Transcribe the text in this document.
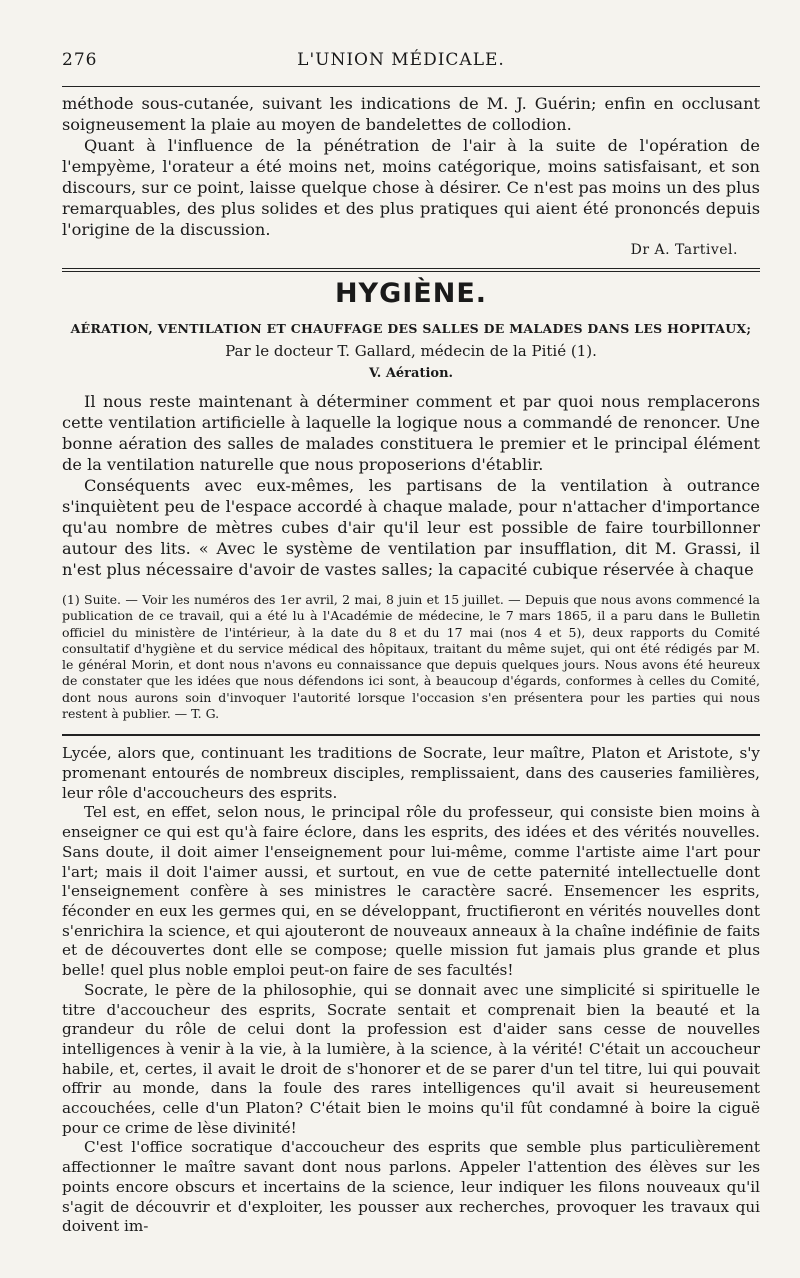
276	L'UNION MÉDICALE.

méthode sous-cutanée, suivant les indications de M. J. Guérin; enfin en occlusant soigneusement la plaie au moyen de bandelettes de collodion.

Quant à l'influence de la pénétration de l'air à la suite de l'opération de l'empyème, l'orateur a été moins net, moins catégorique, moins satisfaisant, et son discours, sur ce point, laisse quelque chose à désirer. Ce n'est pas moins un des plus remarquables, des plus solides et des plus pratiques qui aient été prononcés depuis l'origine de la discussion.

Dr A. Tartivel.
HYGIÈNE.
AÉRATION, VENTILATION ET CHAUFFAGE DES SALLES DE MALADES DANS LES HOPITAUX;
Par le docteur T. Gallard, médecin de la Pitié (1).
V. Aération.

Il nous reste maintenant à déterminer comment et par quoi nous remplacerons cette ventilation artificielle à laquelle la logique nous a commandé de renoncer. Une bonne aération des salles de malades constituera le premier et le principal élément de la ventilation naturelle que nous proposerions d'établir.

Conséquents avec eux-mêmes, les partisans de la ventilation à outrance s'inquiètent peu de l'espace accordé à chaque malade, pour n'attacher d'importance qu'au nombre de mètres cubes d'air qu'il leur est possible de faire tourbillonner autour des lits. « Avec le système de ventilation par insufflation, dit M. Grassi, il n'est plus nécessaire d'avoir de vastes salles; la capacité cubique réservée à chaque

(1) Suite. — Voir les numéros des 1er avril, 2 mai, 8 juin et 15 juillet. — Depuis que nous avons commencé la publication de ce travail, qui a été lu à l'Académie de médecine, le 7 mars 1865, il a paru dans le Bulletin officiel du ministère de l'intérieur, à la date du 8 et du 17 mai (nos 4 et 5), deux rapports du Comité consultatif d'hygiène et du service médical des hôpitaux, traitant du même sujet, qui ont été rédigés par M. le général Morin, et dont nous n'avons eu connaissance que depuis quelques jours. Nous avons été heureux de constater que les idées que nous défendons ici sont, à beaucoup d'égards, conformes à celles du Comité, dont nous aurons soin d'invoquer l'autorité lorsque l'occasion s'en présentera pour les parties qui nous restent à publier. — T. G.

Lycée, alors que, continuant les traditions de Socrate, leur maître, Platon et Aristote, s'y promenant entourés de nombreux disciples, remplissaient, dans des causeries familières, leur rôle d'accoucheurs des esprits.

Tel est, en effet, selon nous, le principal rôle du professeur, qui consiste bien moins à enseigner ce qui est qu'à faire éclore, dans les esprits, des idées et des vérités nouvelles. Sans doute, il doit aimer l'enseignement pour lui-même, comme l'artiste aime l'art pour l'art; mais il doit l'aimer aussi, et surtout, en vue de cette paternité intellectuelle dont l'enseignement confère à ses ministres le caractère sacré. Ensemencer les esprits, féconder en eux les germes qui, en se développant, fructifieront en vérités nouvelles dont s'enrichira la science, et qui ajouteront de nouveaux anneaux à la chaîne indéfinie de faits et de découvertes dont elle se compose; quelle mission fut jamais plus grande et plus belle! quel plus noble emploi peut-on faire de ses facultés!

Socrate, le père de la philosophie, qui se donnait avec une simplicité si spirituelle le titre d'accoucheur des esprits, Socrate sentait et comprenait bien la beauté et la grandeur du rôle de celui dont la profession est d'aider sans cesse de nouvelles intelligences à venir à la vie, à la lumière, à la science, à la vérité! C'était un accoucheur habile, et, certes, il avait le droit de s'honorer et de se parer d'un tel titre, lui qui pouvait offrir au monde, dans la foule des rares intelligences qu'il avait si heureusement accouchées, celle d'un Platon? C'était bien le moins qu'il fût condamné à boire la ciguë pour ce crime de lèse divinité!

C'est l'office socratique d'accoucheur des esprits que semble plus particulièrement affectionner le maître savant dont nous parlons. Appeler l'attention des élèves sur les points encore obscurs et incertains de la science, leur indiquer les filons nouveaux qu'il s'agit de découvrir et d'exploiter, les pousser aux recherches, provoquer les travaux qui doivent im-
